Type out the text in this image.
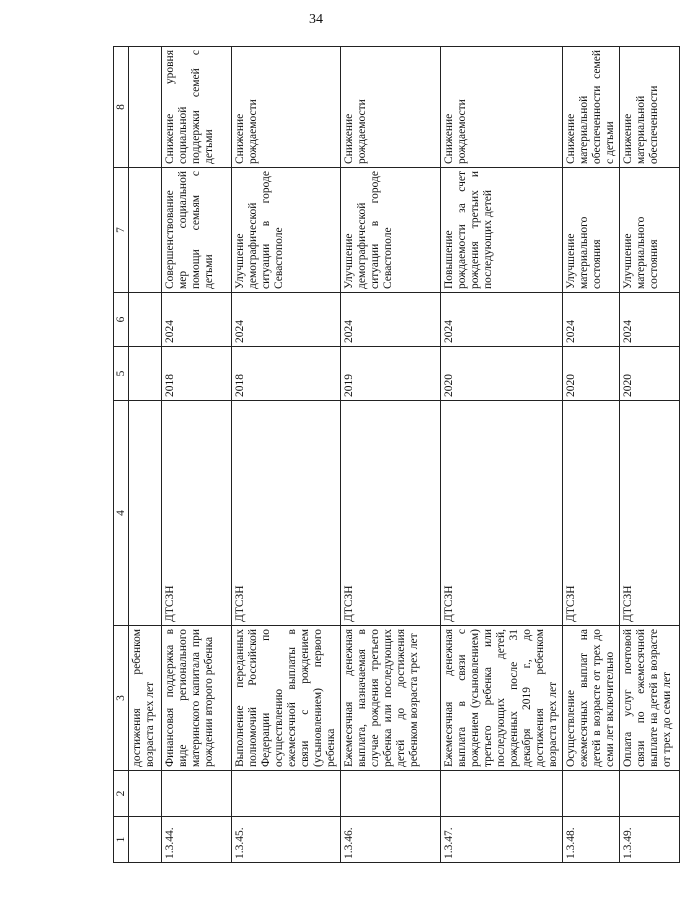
34
1	2	3	4	5	6	7	8
		достижения ребенком возраста трех лет					
1.3.44.		Финансовая поддержка в виде регионального материнского капитала при рождении второго ребенка	ДТСЗН	2018	2024	Совершенствование мер социальной помощи семьям с детьми	Снижение уровня социальной поддержки семей с детьми
1.3.45.		Выполнение переданных полномочий Российской Федерации по осуществлению ежемесячной выплаты в связи с рождением (усыновлением) первого ребенка	ДТСЗН	2018	2024	Улучшение демографической ситуации в городе Севастополе	Снижение рождаемости
1.3.46.		Ежемесячная денежная выплата, назначаемая в случае рождения третьего ребенка или последующих детей до достижения ребенком возраста трех лет	ДТСЗН	2019	2024	Улучшение демографической ситуации в городе Севастополе	Снижение рождаемости
1.3.47.		Ежемесячная денежная выплата в связи с рождением (усыновлением) третьего ребенка или последующих детей, рожденных после 31 декабря 2019 г., до достижения ребенком возраста трех лет	ДТСЗН	2020	2024	Повышение рождаемости за счет рождения третьих и последующих детей	Снижение рождаемости
1.3.48.		Осуществление ежемесячных выплат на детей в возрасте от трех до семи лет включительно	ДТСЗН	2020	2024	Улучшение материального состояния	Снижение материальной обеспеченности семей с детьми
1.3.49.		Оплата услуг почтовой связи по ежемесячной выплате на детей в возрасте от трех до семи лет	ДТСЗН	2020	2024	Улучшение материального состояния	Снижение материальной обеспеченности
